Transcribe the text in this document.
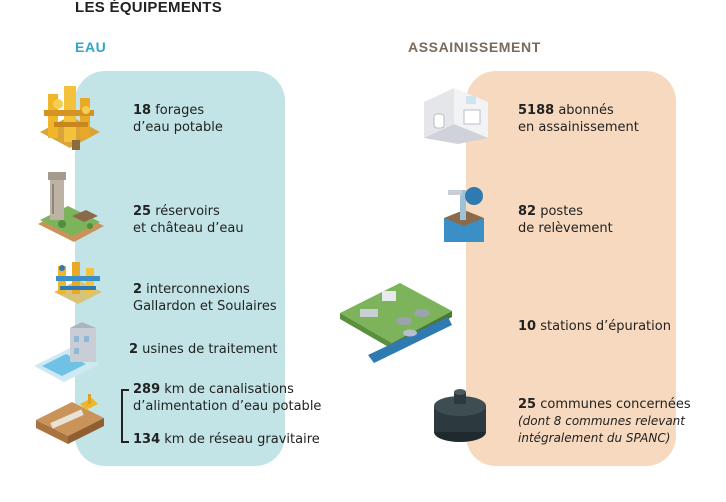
LES ÉQUIPEMENTS
EAU	ASSAINISSEMENT
18 forages
d’eau potable
25 réservoirs
et château d’eau
2 interconnexions
Gallardon et Soulaires
2 usines de traitement
289 km de canalisations
d’alimentation d’eau potable
134 km de réseau gravitaire
5188 abonnés
en assainissement
82 postes
de relèvement
10 stations d’épuration
25 communes concernées
(dont 8 communes relevant
intégralement du SPANC)
